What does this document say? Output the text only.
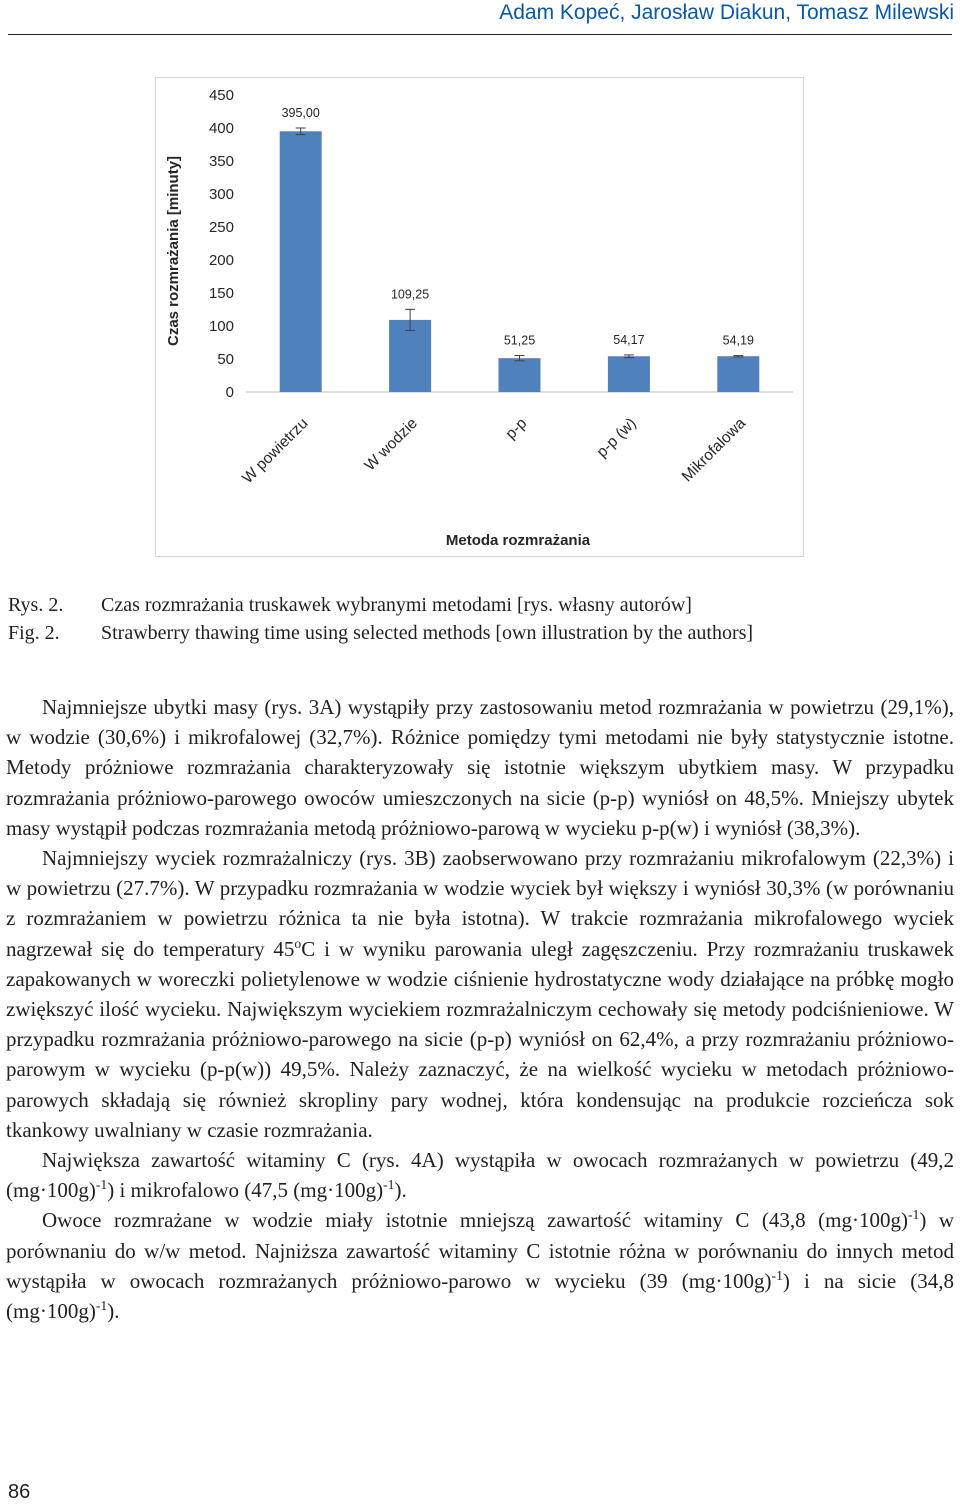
Adam Kopeć, Jarosław Diakun, Tomasz Milewski
0
50
100
150
200
250
300
350
400
450
395,00
109,25
51,25	54,17	54,19
W powietrzu	W wodzie	p-p	p-p (w)	Mikrofalowa
Czas rozmrażania [minuty]
Metoda rozmrażania
Rys. 2. Czas rozmrażania truskawek wybranymi metodami [rys. własny autorów]
Fig. 2. Strawberry thawing time using selected methods [own illustration by the authors]

Najmniejsze ubytki masy (rys. 3A) wystąpiły przy zastosowaniu metod rozmrażania w powietrzu (29,1%), w wodzie (30,6%) i mikrofalowej (32,7%). Różnice pomiędzy tymi metodami nie były statystycznie istotne. Metody próżniowe rozmrażania charakteryzowały się istotnie większym ubytkiem masy. W przypadku rozmrażania próżniowo-parowego owoców umieszczonych na sicie (p-p) wyniósł on 48,5%. Mniejszy ubytek masy wystąpił podczas rozmrażania metodą próżniowo-parową w wycieku p-p(w) i wyniósł (38,3%).

Najmniejszy wyciek rozmrażalniczy (rys. 3B) zaobserwowano przy rozmrażaniu mikrofalowym (22,3%) i w powietrzu (27.7%). W przypadku rozmrażania w wodzie wyciek był większy i wyniósł 30,3% (w porównaniu z rozmrażaniem w powietrzu różnica ta nie była istotna). W trakcie rozmrażania mikrofalowego wyciek nagrzewał się do temperatury 45$^o$C i w wyniku parowania uległ zagęszczeniu. Przy rozmrażaniu truskawek zapakowanych w woreczki polietylenowe w wodzie ciśnienie hydrostatyczne wody działające na próbkę mogło zwiększyć ilość wycieku. Największym wyciekiem rozmrażalniczym cechowały się metody podciśnieniowe. W przypadku rozmrażania próżniowo-parowego na sicie (p-p) wyniósł on 62,4%, a przy rozmrażaniu próżniowo-parowym w wycieku (p-p(w)) 49,5%. Należy zaznaczyć, że na wielkość wycieku w metodach próżniowo-parowych składają się również skropliny pary wodnej, która kondensując na produkcie rozcieńcza sok tkankowy uwalniany w czasie rozmrażania.

Największa zawartość witaminy C (rys. 4A) wystąpiła w owocach rozmrażanych w powietrzu (49,2 $(mg\cdot 100g)^{-1}$) i mikrofalowo (47,5 $(mg\cdot 100g)^{-1}$).

Owoce rozmrażane w wodzie miały istotnie mniejszą zawartość witaminy C (43,8 $(mg\cdot 100g)^{-1}$) w porównaniu do w/w metod. Najniższa zawartość witaminy C istotnie różna w porównaniu do innych metod wystąpiła w owocach rozmrażanych próżniowo-parowo w wycieku (39 $(mg\cdot 100g)^{-1}$) i na sicie (34,8 $(mg\cdot 100g)^{-1}$).

86
